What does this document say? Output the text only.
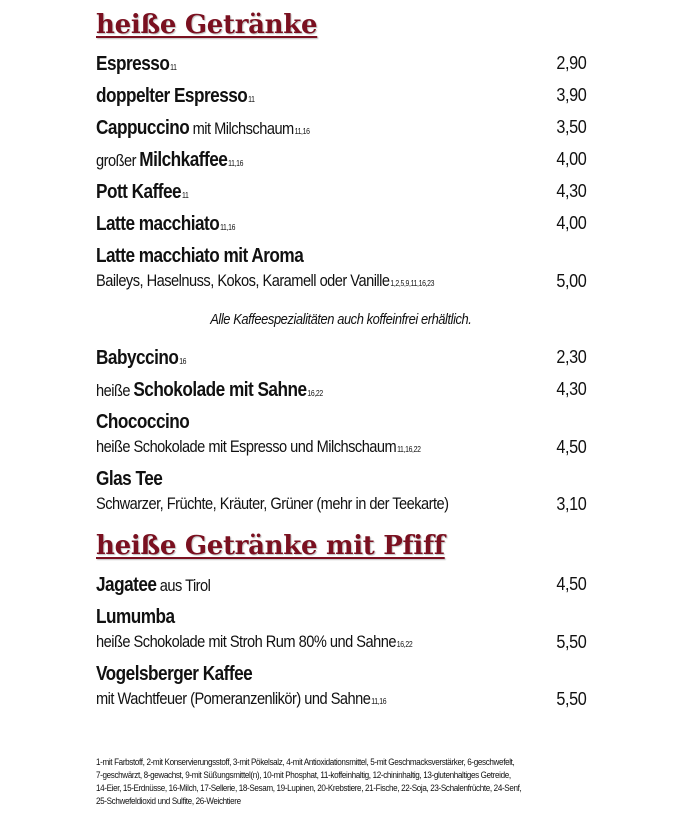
heiße Getränke
Espresso11	2,90
doppelter Espresso11	3,90
Cappuccino mit Milchschaum11,16	3,50
großer Milchkaffee11,16	4,00
Pott Kaffee11	4,30
Latte macchiato11,16	4,00
Latte macchiato mit Aroma
Baileys, Haselnuss, Kokos, Karamell oder Vanille1,2,5,9,11,16,23	5,00
Alle Kaffeespezialitäten auch koffeinfrei erhältlich.
Babyccino16	2,30
heiße Schokolade mit Sahne16,22	4,30
Chococcino
heiße Schokolade mit Espresso und Milchschaum11,16,22	4,50
Glas Tee
Schwarzer, Früchte, Kräuter, Grüner (mehr in der Teekarte)	3,10
heiße Getränke mit Pfiff
Jagatee aus Tirol	4,50
Lumumba
heiße Schokolade mit Stroh Rum 80% und Sahne16,22	5,50
Vogelsberger Kaffee
mit Wachtfeuer (Pomeranzenlikör) und Sahne11,16	5,50
1-mit Farbstoff, 2-mit Konservierungsstoff, 3-mit Pökelsalz, 4-mit Antioxidationsmittel, 5-mit Geschmacksverstärker, 6-geschwefelt,
7-geschwärzt, 8-gewachst, 9-mit Süßungsmittel(n), 10-mit Phosphat, 11-koffeinhaltig, 12-chininhaltig, 13-glutenhaltiges Getreide,
14-Eier, 15-Erdnüsse, 16-Milch, 17-Sellerie, 18-Sesam, 19-Lupinen, 20-Krebstiere, 21-Fische, 22-Soja, 23-Schalenfrüchte, 24-Senf,
25-Schwefeldioxid und Sulfite, 26-Weichtiere
